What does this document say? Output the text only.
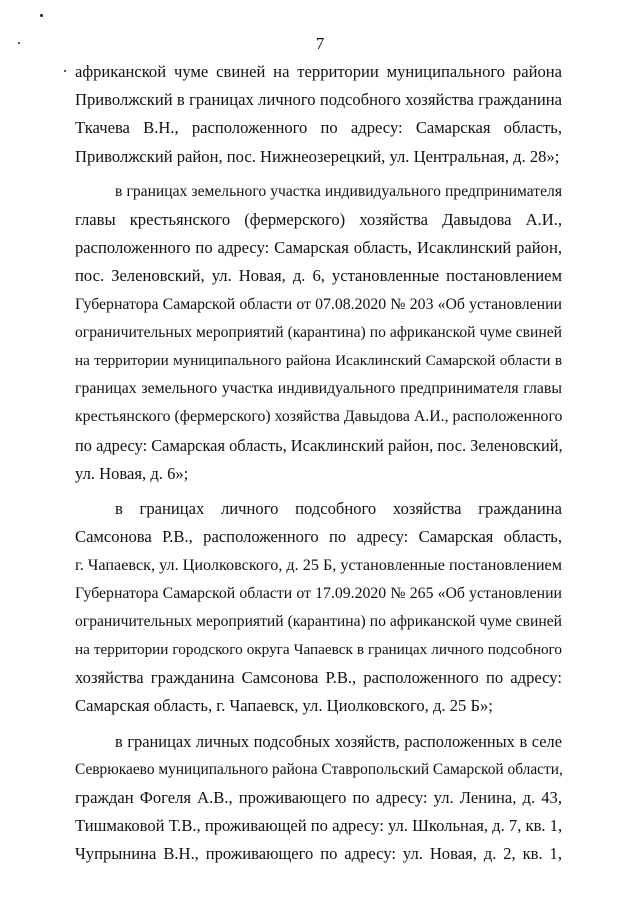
7
африканской чуме свиней на территории муниципального района
Приволжский в границах личного подсобного хозяйства гражданина
Ткачева В.Н., расположенного по адресу: Самарская область,
Приволжский район, пос. Нижнеозерецкий, ул. Центральная, д. 28»;
в границах земельного участка индивидуального предпринимателя
главы крестьянского (фермерского) хозяйства Давыдова А.И.,
расположенного по адресу: Самарская область, Исаклинский район,
пос. Зеленовский, ул. Новая, д. 6, установленные постановлением
Губернатора Самарской области от 07.08.2020 № 203 «Об установлении
ограничительных мероприятий (карантина) по африканской чуме свиней
на территории муниципального района Исаклинский Самарской области в
границах земельного участка индивидуального предпринимателя главы
крестьянского (фермерского) хозяйства Давыдова А.И., расположенного
по адресу: Самарская область, Исаклинский район, пос. Зеленовский,
ул. Новая, д. 6»;
в границах личного подсобного хозяйства гражданина
Самсонова Р.В., расположенного по адресу: Самарская область,
г. Чапаевск, ул. Циолковского, д. 25 Б, установленные постановлением
Губернатора Самарской области от 17.09.2020 № 265 «Об установлении
ограничительных мероприятий (карантина) по африканской чуме свиней
на территории городского округа Чапаевск в границах личного подсобного
хозяйства гражданина Самсонова Р.В., расположенного по адресу:
Самарская область, г. Чапаевск, ул. Циолковского, д. 25 Б»;
в границах личных подсобных хозяйств, расположенных в селе
Севрюкаево муниципального района Ставропольский Самарской области,
граждан Фогеля А.В., проживающего по адресу: ул. Ленина, д. 43,
Тишмаковой Т.В., проживающей по адресу: ул. Школьная, д. 7, кв. 1,
Чупрынина В.Н., проживающего по адресу: ул. Новая, д. 2, кв. 1,
